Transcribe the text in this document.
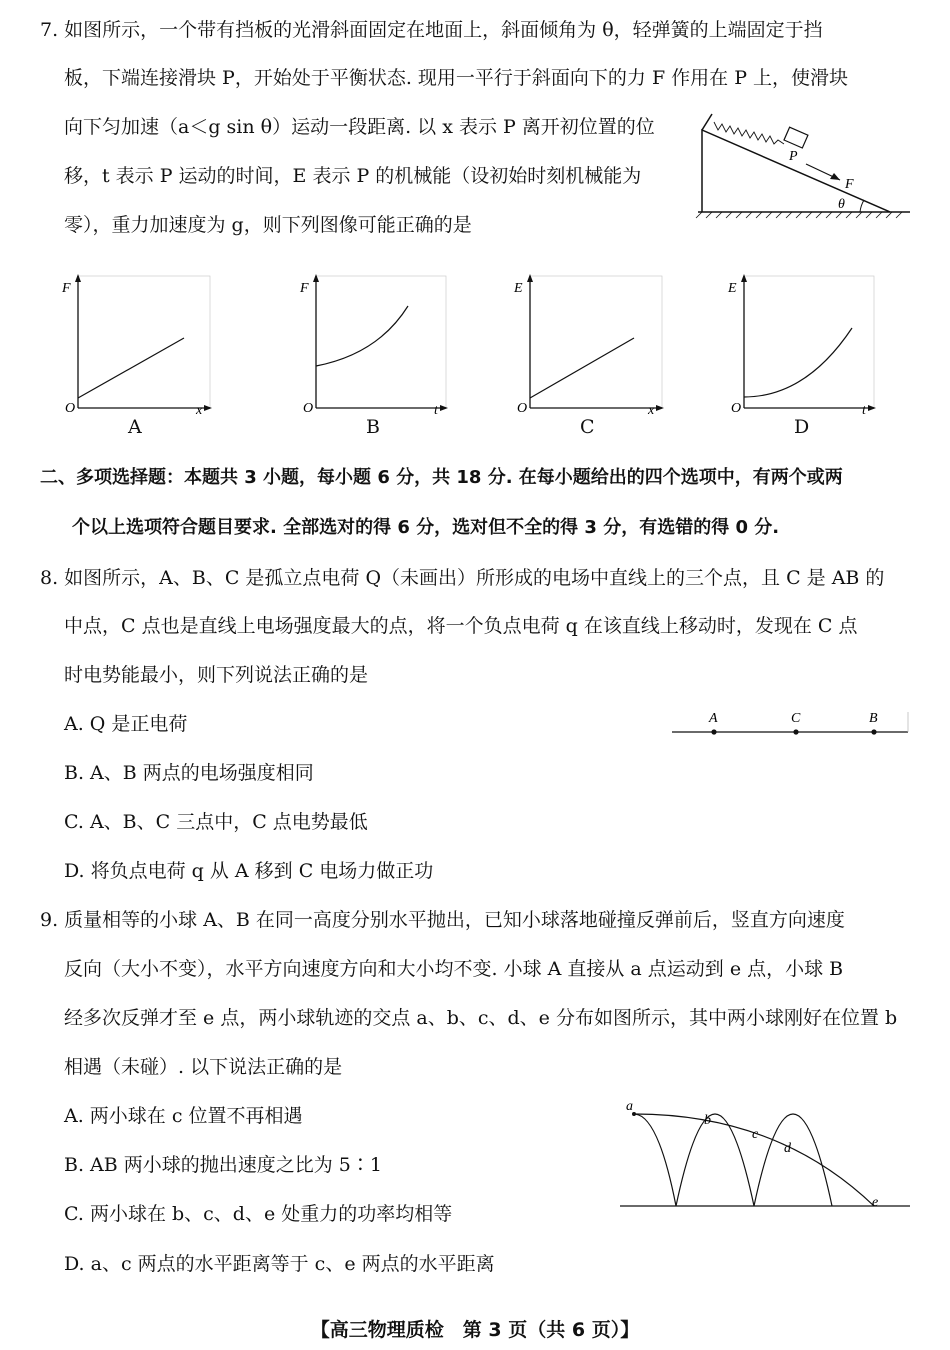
7. 如图所示，一个带有挡板的光滑斜面固定在地面上，斜面倾角为 θ，轻弹簧的上端固定于挡
板，下端连接滑块 P，开始处于平衡状态. 现用一平行于斜面向下的力 F 作用在 P 上，使滑块
向下匀加速（a＜g sin θ）运动一段距离. 以 x 表示 P 离开初位置的位
移，t 表示 P 运动的时间，E 表示 P 的机械能（设初始时刻机械能为
零），重力加速度为 g，则下列图像可能正确的是
P
F
θ
F
O	x
A
F
O	t
B
E
O	x
C
E
O	t
D
二、多项选择题：本题共 3 小题，每小题 6 分，共 18 分. 在每小题给出的四个选项中，有两个或两
个以上选项符合题目要求. 全部选对的得 6 分，选对但不全的得 3 分，有选错的得 0 分.
8. 如图所示，A、B、C 是孤立点电荷 Q（未画出）所形成的电场中直线上的三个点，且 C 是 AB 的
中点，C 点也是直线上电场强度最大的点，将一个负点电荷 q 在该直线上移动时，发现在 C 点
时电势能最小，则下列说法正确的是
A. Q 是正电荷
B. A、B 两点的电场强度相同
C. A、B、C 三点中，C 点电势最低
D. 将负点电荷 q 从 A 移到 C 电场力做正功
A	C	B
9. 质量相等的小球 A、B 在同一高度分别水平抛出，已知小球落地碰撞反弹前后，竖直方向速度
反向（大小不变），水平方向速度方向和大小均不变. 小球 A 直接从 a 点运动到 e 点，小球 B
经多次反弹才至 e 点，两小球轨迹的交点 a、b、c、d、e 分布如图所示，其中两小球刚好在位置 b
相遇（未碰）. 以下说法正确的是
A. 两小球在 c 位置不再相遇
B. AB 两小球的抛出速度之比为 5∶1
C. 两小球在 b、c、d、e 处重力的功率均相等
D. a、c 两点的水平距离等于 c、e 两点的水平距离
a
b
c
d
e
【高三物理质检　第 3 页（共 6 页）】
